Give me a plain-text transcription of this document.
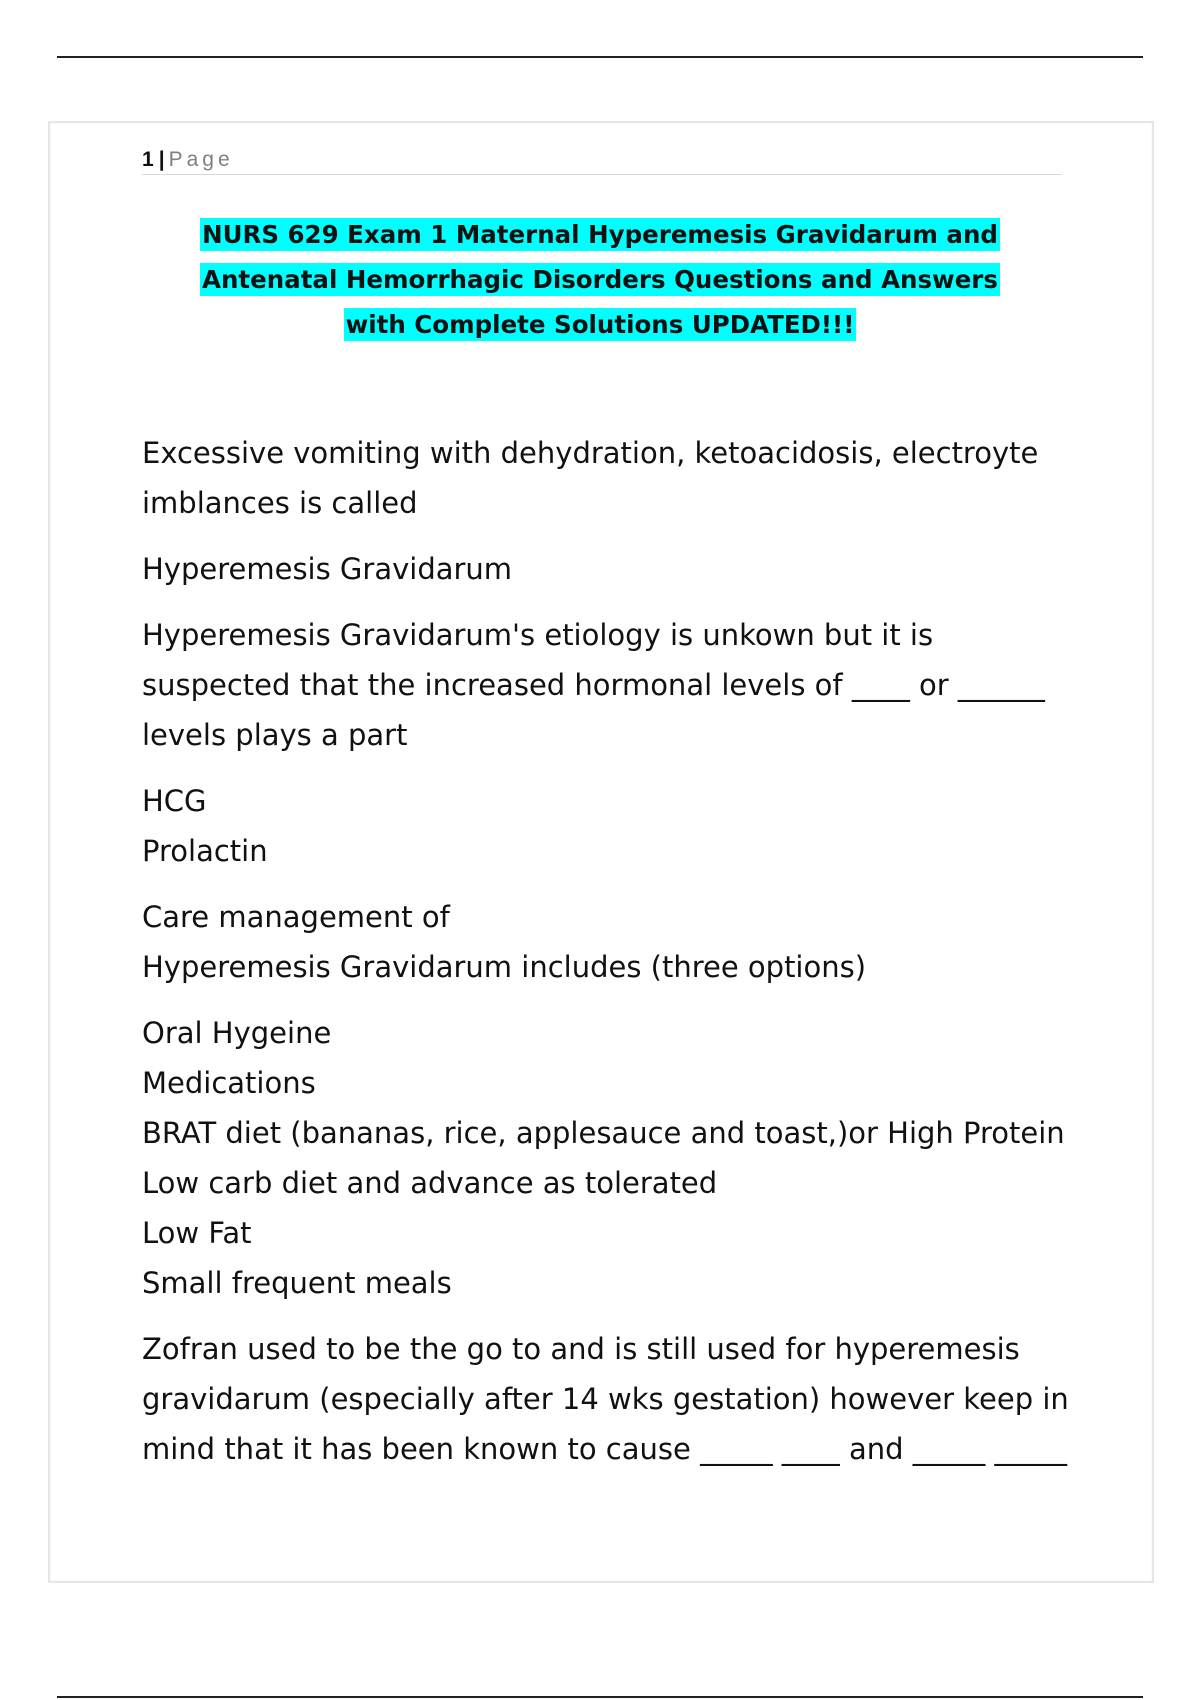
1 | Page
NURS 629 Exam 1 Maternal Hyperemesis Gravidarum and
Antenatal Hemorrhagic Disorders Questions and Answers
with Complete Solutions UPDATED!!!
Excessive vomiting with dehydration, ketoacidosis, electroyte
imblances is called
Hyperemesis Gravidarum
Hyperemesis Gravidarum's etiology is unkown but it is
suspected that the increased hormonal levels of ____ or ______
levels plays a part
HCG
Prolactin
Care management of
Hyperemesis Gravidarum includes (three options)
Oral Hygeine
Medications
BRAT diet (bananas, rice, applesauce and toast,)or High Protein
Low carb diet and advance as tolerated
Low Fat
Small frequent meals
Zofran used to be the go to and is still used for hyperemesis
gravidarum (especially after 14 wks gestation) however keep in
mind that it has been known to cause _____ ____ and _____ _____
